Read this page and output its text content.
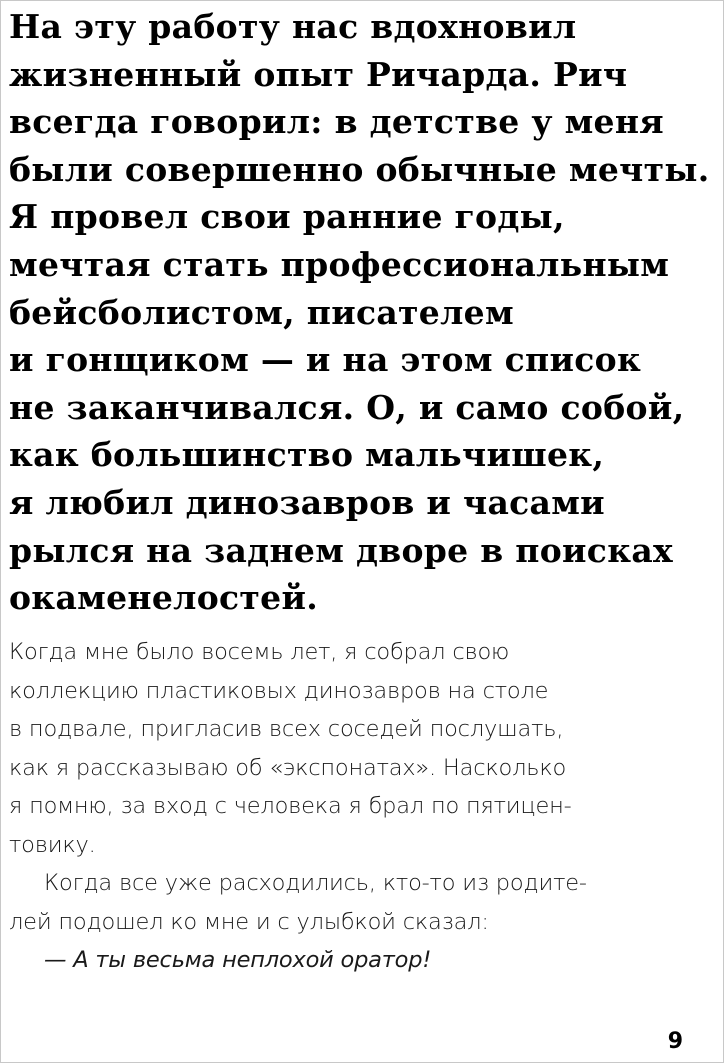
На эту работу нас вдохновил
жизненный опыт Ричарда. Рич
всегда говорил: в детстве у меня
были совершенно обычные мечты.
Я провел свои ранние годы,
мечтая стать профессиональным
бейсболистом, писателем
и гонщиком — и на этом список
не заканчивался. О, и само собой,
как большинство мальчишек,
я любил динозавров и часами
рылся на заднем дворе в поисках
окаменелостей.
Когда мне было восемь лет, я собрал свою
коллекцию пластиковых динозавров на столе
в подвале, пригласив всех соседей послушать,
как я рассказываю об «экспонатах». Насколько
я помню, за вход с человека я брал по пятицен-
товику.
Когда все уже расходились, кто-то из родите-
лей подошел ко мне и с улыбкой сказал:
— А ты весьма неплохой оратор!
9
